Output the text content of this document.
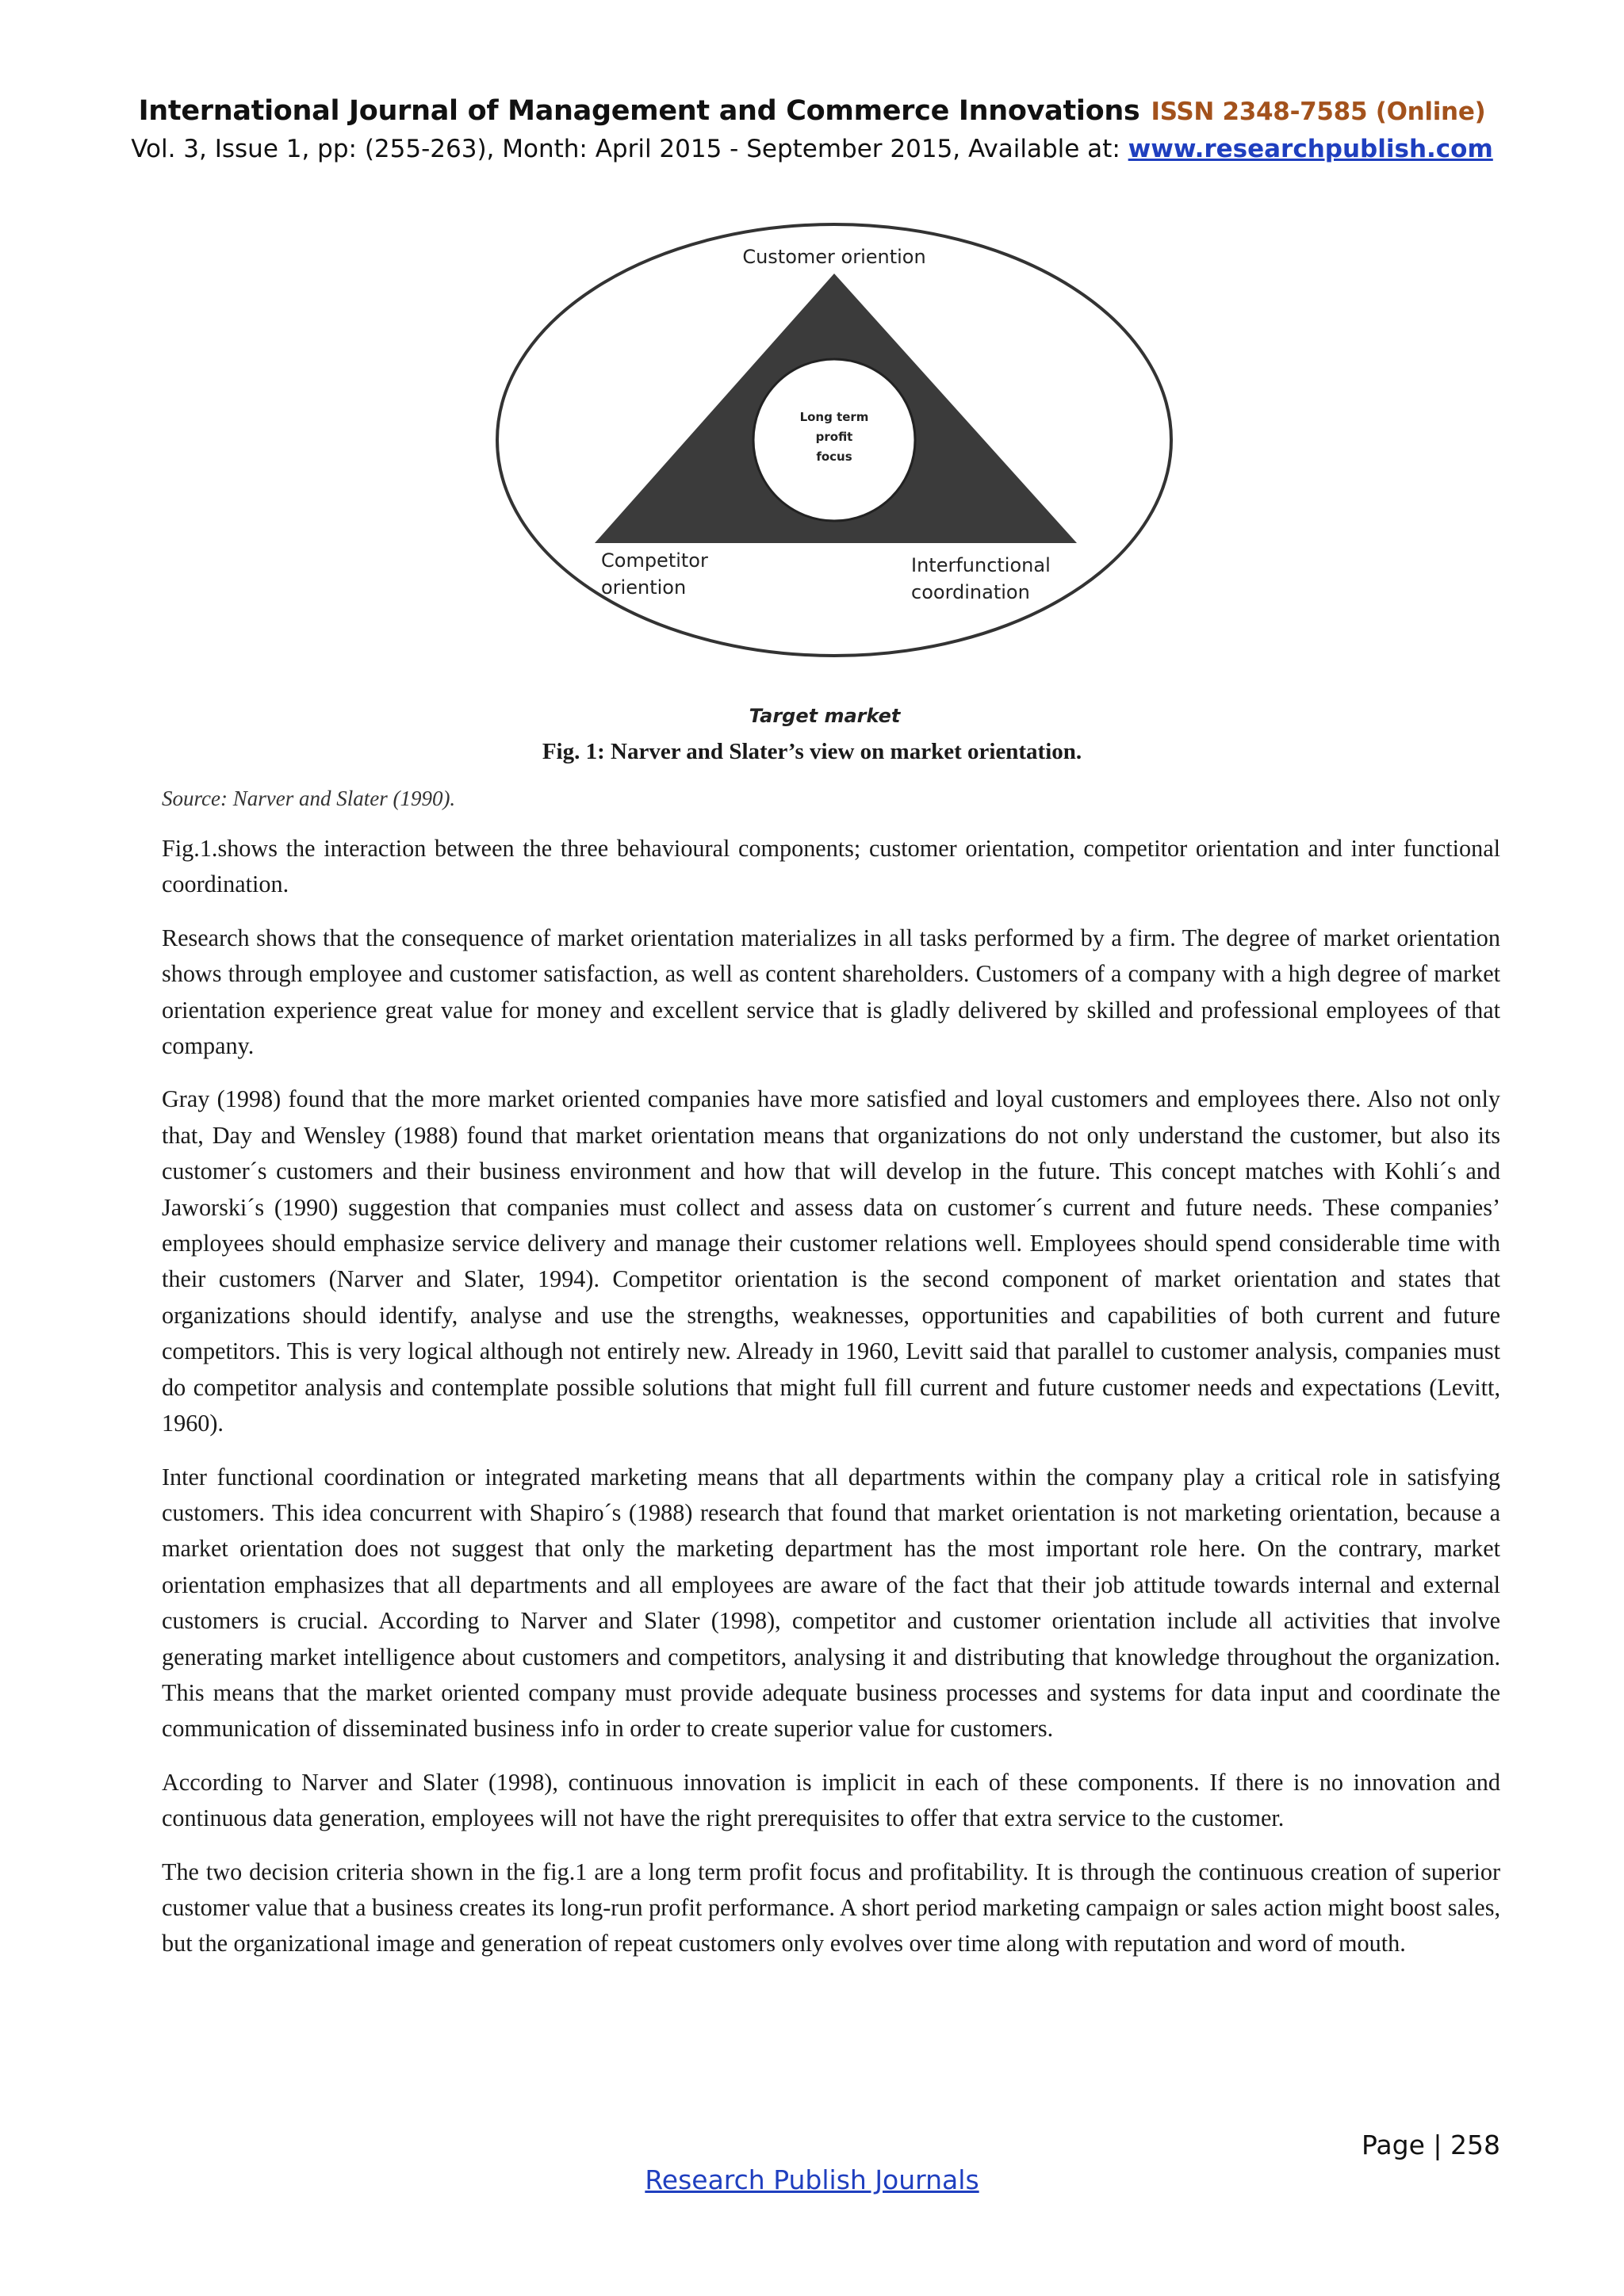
International Journal of Management and Commerce Innovations ISSN 2348-7585 (Online)
Vol. 3, Issue 1, pp: (255-263), Month: April 2015 - September 2015, Available at: www.researchpublish.com
Customer oriention
Long term
profit
focus
Competitor
oriention
Interfunctional
coordination
Target market
Fig. 1: Narver and Slater’s view on market orientation.
Source: Narver and Slater (1990).

Fig.1.shows the interaction between the three behavioural components; customer orientation, competitor orientation and inter functional coordination.

Research shows that the consequence of market orientation materializes in all tasks performed by a firm. The degree of market orientation shows through employee and customer satisfaction, as well as content shareholders. Customers of a company with a high degree of market orientation experience great value for money and excellent service that is gladly delivered by skilled and professional employees of that company.

Gray (1998) found that the more market oriented companies have more satisfied and loyal customers and employees there. Also not only that, Day and Wensley (1988) found that market orientation means that organizations do not only understand the customer, but also its customer´s customers and their business environment and how that will develop in the future. This concept matches with Kohli´s and Jaworski´s (1990) suggestion that companies must collect and assess data on customer´s current and future needs. These companies’ employees should emphasize service delivery and manage their customer relations well. Employees should spend considerable time with their customers (Narver and Slater, 1994). Competitor orientation is the second component of market orientation and states that organizations should identify, analyse and use the strengths, weaknesses, opportunities and capabilities of both current and future competitors. This is very logical although not entirely new. Already in 1960, Levitt said that parallel to customer analysis, companies must do competitor analysis and contemplate possible solutions that might full fill current and future customer needs and expectations (Levitt, 1960).

Inter functional coordination or integrated marketing means that all departments within the company play a critical role in satisfying customers. This idea concurrent with Shapiro´s (1988) research that found that market orientation is not marketing orientation, because a market orientation does not suggest that only the marketing department has the most important role here. On the contrary, market orientation emphasizes that all departments and all employees are aware of the fact that their job attitude towards internal and external customers is crucial. According to Narver and Slater (1998), competitor and customer orientation include all activities that involve generating market intelligence about customers and competitors, analysing it and distributing that knowledge throughout the organization. This means that the market oriented company must provide adequate business processes and systems for data input and coordinate the communication of disseminated business info in order to create superior value for customers.

According to Narver and Slater (1998), continuous innovation is implicit in each of these components. If there is no innovation and continuous data generation, employees will not have the right prerequisites to offer that extra service to the customer.

The two decision criteria shown in the fig.1 are a long term profit focus and profitability. It is through the continuous creation of superior customer value that a business creates its long-run profit performance. A short period marketing campaign or sales action might boost sales, but the organizational image and generation of repeat customers only evolves over time along with reputation and word of mouth.

Page | 258
Research Publish Journals
